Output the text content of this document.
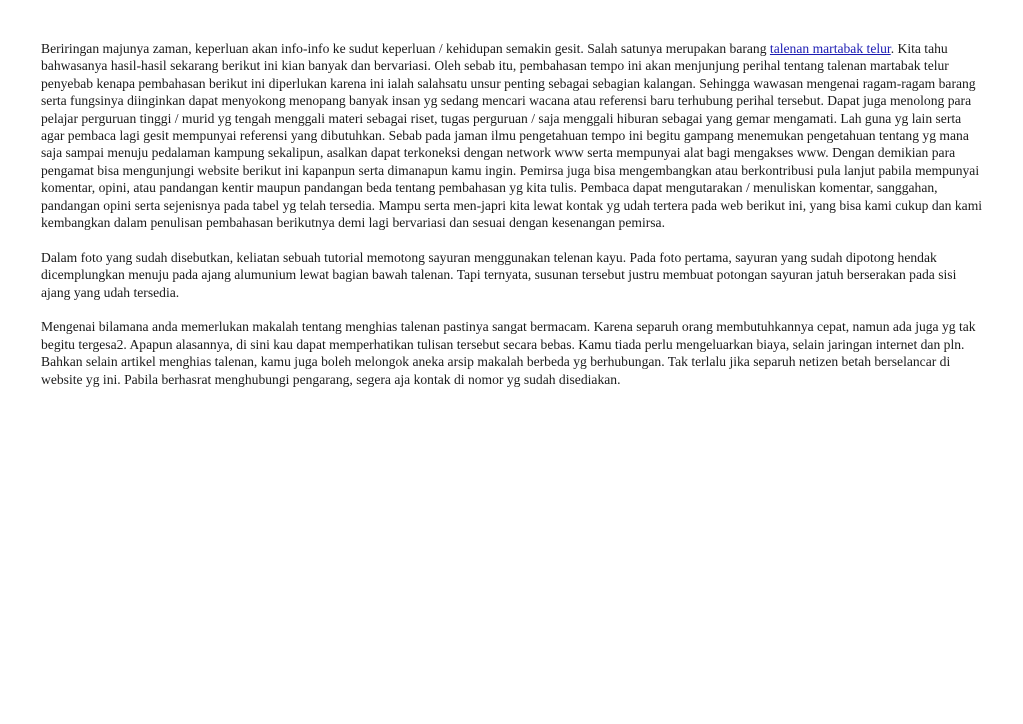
Beriringan majunya zaman, keperluan akan info-info ke sudut keperluan / kehidupan semakin gesit. Salah satunya merupakan barang talenan martabak telur. Kita tahu bahwasanya hasil-hasil sekarang berikut ini kian banyak dan bervariasi. Oleh sebab itu, pembahasan tempo ini akan menjunjung perihal tentang talenan martabak telur penyebab kenapa pembahasan berikut ini diperlukan karena ini ialah salahsatu unsur penting sebagai sebagian kalangan. Sehingga wawasan mengenai ragam-ragam barang serta fungsinya diinginkan dapat menyokong menopang banyak insan yg sedang mencari wacana atau referensi baru terhubung perihal tersebut. Dapat juga menolong para pelajar perguruan tinggi / murid yg tengah menggali materi sebagai riset, tugas perguruan / saja menggali hiburan sebagai yang gemar mengamati. Lah guna yg lain serta agar pembaca lagi gesit mempunyai referensi yang dibutuhkan. Sebab pada jaman ilmu pengetahuan tempo ini begitu gampang menemukan pengetahuan tentang yg mana saja sampai menuju pedalaman kampung sekalipun, asalkan dapat terkoneksi dengan network www serta mempunyai alat bagi mengakses www. Dengan demikian para pengamat bisa mengunjungi website berikut ini kapanpun serta dimanapun kamu ingin. Pemirsa juga bisa mengembangkan atau berkontribusi pula lanjut pabila mempunyai komentar, opini, atau pandangan kentir maupun pandangan beda tentang pembahasan yg kita tulis. Pembaca dapat mengutarakan / menuliskan komentar, sanggahan, pandangan opini serta sejenisnya pada tabel yg telah tersedia. Mampu serta men-japri kita lewat kontak yg udah tertera pada web berikut ini, yang bisa kami cukup dan kami kembangkan dalam penulisan pembahasan berikutnya demi lagi bervariasi dan sesuai dengan kesenangan pemirsa.

Dalam foto yang sudah disebutkan, keliatan sebuah tutorial memotong sayuran menggunakan telenan kayu. Pada foto pertama, sayuran yang sudah dipotong hendak dicemplungkan menuju pada ajang alumunium lewat bagian bawah talenan. Tapi ternyata, susunan tersebut justru membuat potongan sayuran jatuh berserakan pada sisi ajang yang udah tersedia.

Mengenai bilamana anda memerlukan makalah tentang menghias talenan pastinya sangat bermacam. Karena separuh orang membutuhkannya cepat, namun ada juga yg tak begitu tergesa2. Apapun alasannya, di sini kau dapat memperhatikan tulisan tersebut secara bebas. Kamu tiada perlu mengeluarkan biaya, selain jaringan internet dan pln. Bahkan selain artikel menghias talenan, kamu juga boleh melongok aneka arsip makalah berbeda yg berhubungan. Tak terlalu jika separuh netizen betah berselancar di website yg ini. Pabila berhasrat menghubungi pengarang, segera aja kontak di nomor yg sudah disediakan.
